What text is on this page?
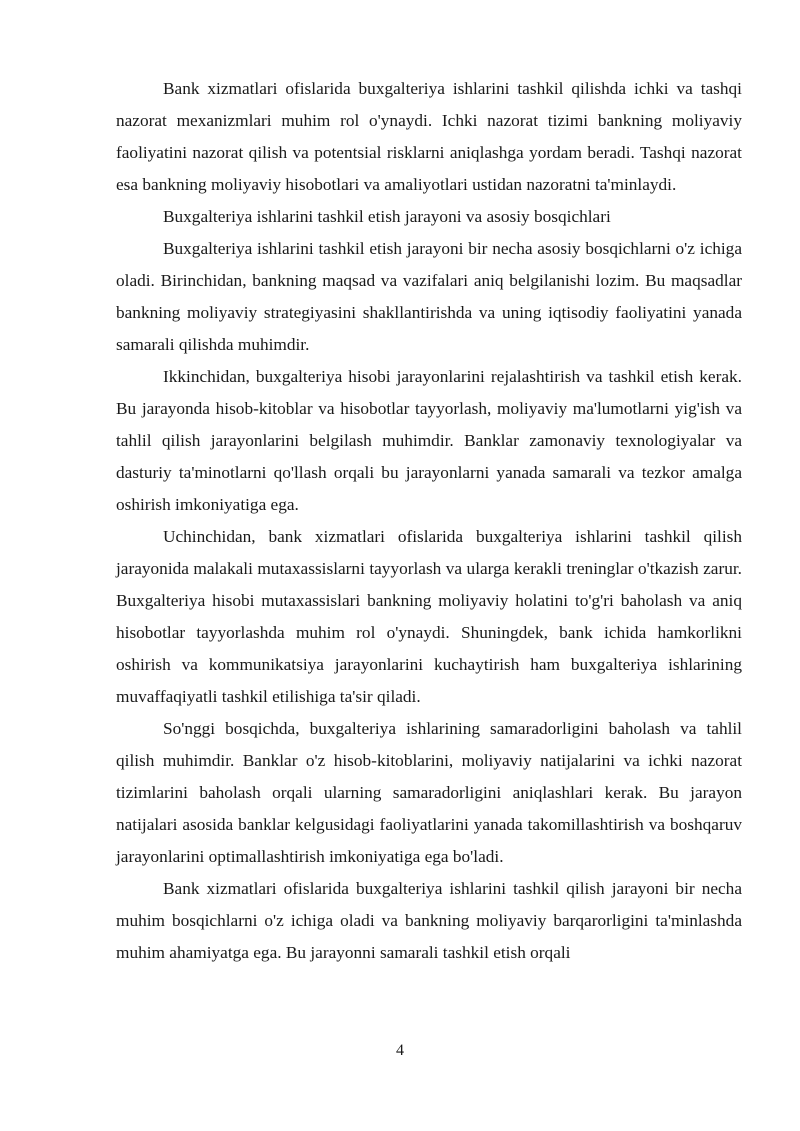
Bank xizmatlari ofislarida buxgalteriya ishlarini tashkil qilishda ichki va tashqi nazorat mexanizmlari muhim rol o'ynaydi. Ichki nazorat tizimi bankning moliyaviy faoliyatini nazorat qilish va potentsial risklarni aniqlashga yordam beradi. Tashqi nazorat esa bankning moliyaviy hisobotlari va amaliyotlari ustidan nazoratni ta'minlaydi.

Buxgalteriya ishlarini tashkil etish jarayoni va asosiy bosqichlari

Buxgalteriya ishlarini tashkil etish jarayoni bir necha asosiy bosqichlarni o'z ichiga oladi. Birinchidan, bankning maqsad va vazifalari aniq belgilanishi lozim. Bu maqsadlar bankning moliyaviy strategiyasini shakllantirishda va uning iqtisodiy faoliyatini yanada samarali qilishda muhimdir.

Ikkinchidan, buxgalteriya hisobi jarayonlarini rejalashtirish va tashkil etish kerak. Bu jarayonda hisob-kitoblar va hisobotlar tayyorlash, moliyaviy ma'lumotlarni yig'ish va tahlil qilish jarayonlarini belgilash muhimdir. Banklar zamonaviy texnologiyalar va dasturiy ta'minotlarni qo'llash orqali bu jarayonlarni yanada samarali va tezkor amalga oshirish imkoniyatiga ega.

Uchinchidan, bank xizmatlari ofislarida buxgalteriya ishlarini tashkil qilish jarayonida malakali mutaxassislarni tayyorlash va ularga kerakli treninglar o'tkazish zarur. Buxgalteriya hisobi mutaxassislari bankning moliyaviy holatini to'g'ri baholash va aniq hisobotlar tayyorlashda muhim rol o'ynaydi. Shuningdek, bank ichida hamkorlikni oshirish va kommunikatsiya jarayonlarini kuchaytirish ham buxgalteriya ishlarining muvaffaqiyatli tashkil etilishiga ta'sir qiladi.

So'nggi bosqichda, buxgalteriya ishlarining samaradorligini baholash va tahlil qilish muhimdir. Banklar o'z hisob-kitoblarini, moliyaviy natijalarini va ichki nazorat tizimlarini baholash orqali ularning samaradorligini aniqlashlari kerak. Bu jarayon natijalari asosida banklar kelgusidagi faoliyatlarini yanada takomillashtirish va boshqaruv jarayonlarini optimallashtirish imkoniyatiga ega bo'ladi.

Bank xizmatlari ofislarida buxgalteriya ishlarini tashkil qilish jarayoni bir necha muhim bosqichlarni o'z ichiga oladi va bankning moliyaviy barqarorligini ta'minlashda muhim ahamiyatga ega. Bu jarayonni samarali tashkil etish orqali

4
